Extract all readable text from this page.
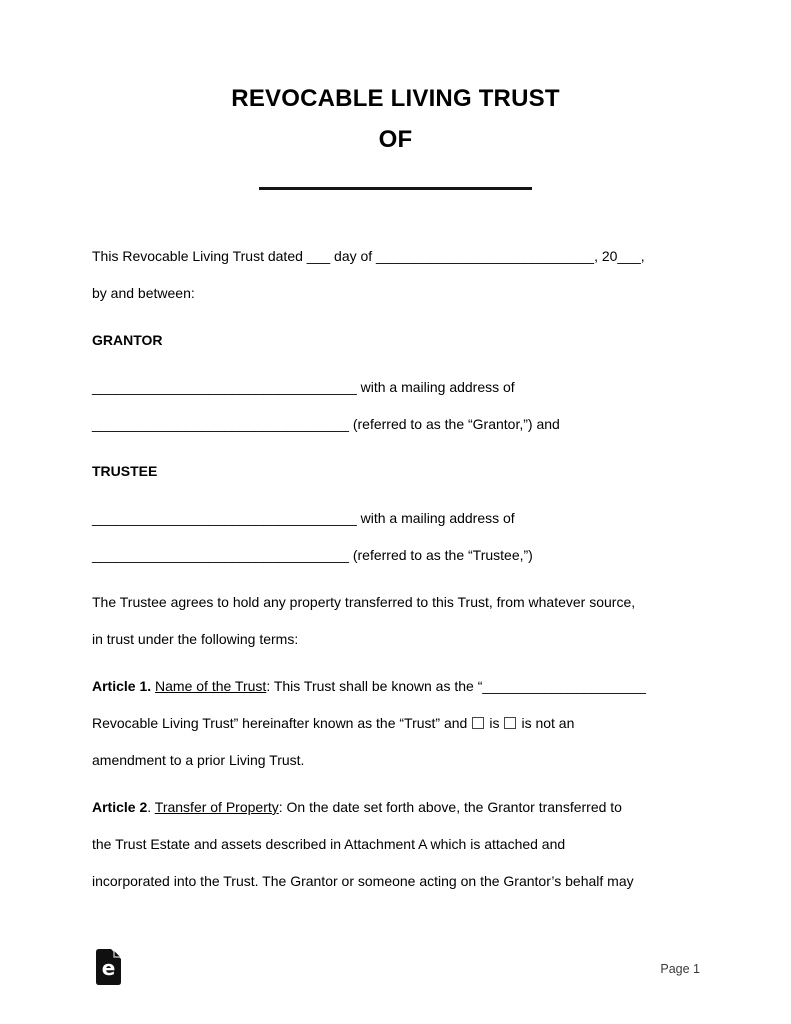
REVOCABLE LIVING TRUST
OF
This Revocable Living Trust dated ___ day of ____________________________, 20___,
by and between:
GRANTOR
__________________________________ with a mailing address of
_________________________________ (referred to as the “Grantor,”) and
TRUSTEE
__________________________________ with a mailing address of
_________________________________ (referred to as the “Trustee,”)
The Trustee agrees to hold any property transferred to this Trust, from whatever source,
in trust under the following terms:
Article 1. Name of the Trust: This Trust shall be known as the “_____________________
Revocable Living Trust” hereinafter known as the “Trust” and is is not an
amendment to a prior Living Trust.
Article 2. Transfer of Property: On the date set forth above, the Grantor transferred to
the Trust Estate and assets described in Attachment A which is attached and
incorporated into the Trust. The Grantor or someone acting on the Grantor’s behalf may
e	Page 1
